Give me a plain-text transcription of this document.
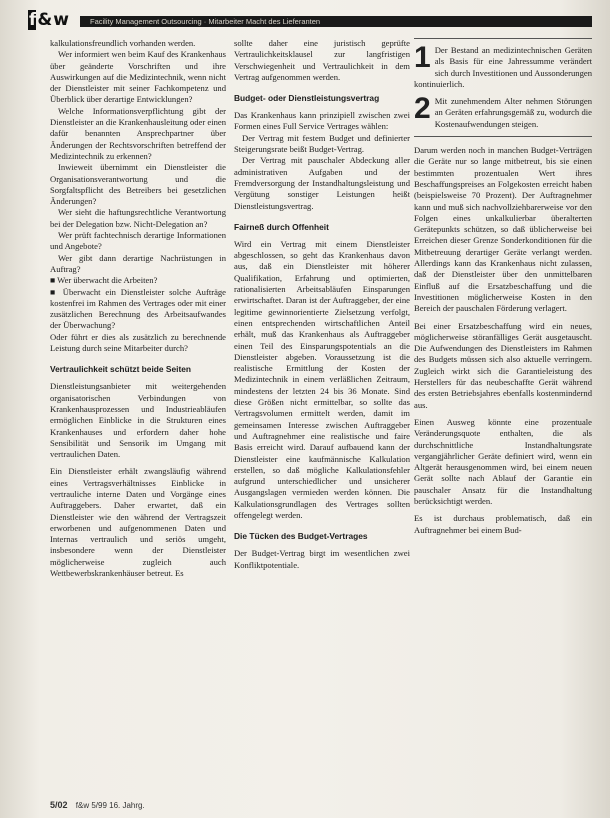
f & w	Facility Management Outsourcing · Mitarbeiter Macht des Lieferanten

kalkulationsfreundlich vorhanden werden.

Wer informiert wen beim Kauf des Krankenhaus über geänderte Vorschriften und ihre Auswirkungen auf die Medizintechnik, wenn nicht der Dienstleister mit seiner Fachkompetenz und Überblick über derartige Entwicklungen?

Welche Informationsverpflichtung gibt der Dienstleister an die Krankenhausleitung oder einen dafür benannten Ansprechpartner über Änderungen der Rechtsvorschriften betreffend der Medizintechnik zu erkennen?

Inwieweit übernimmt ein Dienstleister die Organisationsverantwortung und die Sorgfaltspflicht des Betreibers bei gesetzlichen Änderungen?

Wer sieht die haftungsrechtliche Verantwortung bei der Delegation bzw. Nicht-Delegation an?

Wer prüft fachtechnisch derartige Informationen und Angebote?

Wer gibt dann derartige Nachrüstungen in Auftrag?

■ Wer überwacht die Arbeiten?

■ Überwacht ein Dienstleister solche Aufträge kostenfrei im Rahmen des Vertrages oder mit einer zusätzlichen Berechnung des Arbeitsaufwandes der Überwachung?

Oder führt er dies als zusätzlich zu berechnende Leistung durch seine Mitarbeiter durch?

Vertraulichkeit schützt beide Seiten

Dienstleistungsanbieter mit weitergehenden organisatorischen Verbindungen von Krankenhausprozessen und Industrieabläufen ermöglichen Einblicke in die Strukturen eines Krankenhauses und erfordern daher hohe Sensibilität und Sensorik im Umgang mit vertraulichen Daten.

Ein Dienstleister erhält zwangsläufig während eines Vertragsverhältnisses Einblicke in vertrauliche interne Daten und Vorgänge eines Auftraggebers. Daher erwartet, daß ein Dienstleister wie den während der Vertragszeit erworbenen und aufgenommenen Daten und Internas vertraulich und seriös umgeht, insbesondere wenn der Dienstleister möglicherweise zugleich auch Wettbewerbskrankenhäuser betreut. Es

sollte daher eine juristisch geprüfte Vertraulichkeitsklausel zur langfristigen Verschwiegenheit und Vertraulichkeit in dem Vertrag aufgenommen werden.

Budget- oder Dienstleistungsvertrag

Das Krankenhaus kann prinzipiell zwischen zwei Formen eines Full Service Vertrages wählen:

Der Vertrag mit festem Budget und definierter Steigerungsrate beißt Budget-Vertrag.

Der Vertrag mit pauschaler Abdeckung aller administrativen Aufgaben und der Fremdversorgung der Instandhaltungsleistung und Vergütung sonstiger Leistungen heißt Dienstleistungsvertrag.

Fairneß durch Offenheit

Wird ein Vertrag mit einem Dienstleister abgeschlossen, so geht das Krankenhaus davon aus, daß ein Dienstleister mit höherer Qualifikation, Erfahrung und optimierten, rationalisierten Arbeitsabläufen Einsparungen erwirtschaftet. Daran ist der Auftraggeber, der eine legitime gewinnorientierte Zielsetzung verfolgt, einen entsprechenden wirtschaftlichen Anteil erhält, muß das Krankenhaus als Auftraggeber einen Teil des Einsparungspotentials an die Dienstleister abgeben. Voraussetzung ist die realistische Ermittlung der Kosten der Medizintechnik in einem verläßlichen Zeitraum, mindestens der letzten 24 bis 36 Monate. Sind diese Größen nicht ermittelbar, so sollte das Vertragsvolumen ermittelt werden, damit im gemeinsamen Interesse zwischen Auftraggeber und Auftragnehmer eine realistische und faire Basis erreicht wird. Darauf aufbauend kann der Dienstleister eine kaufmännische Kalkulation erstellen, so daß mögliche Kalkulationsfehler aufgrund unterschiedlicher und unsicherer Ausgangslagen vermieden werden können. Die Kalkulationsgrundlagen des Vertrages sollten offengelegt werden.

Die Tücken des Budget-Vertrages

Der Budget-Vertrag birgt im wesentlichen zwei Konfliktpotentiale.

1 Der Bestand an medizintechnischen Geräten als Basis für eine Jahressumme verändert sich durch Investitionen und Aussonderungen kontinuierlich.

2 Mit zunehmendem Alter nehmen Störungen an Geräten erfahrungsgemäß zu, wodurch die Kostenaufwendungen steigen.

Darum werden noch in manchen Budget-Verträgen die Geräte nur so lange mitbetreut, bis sie einen bestimmten prozentualen Wert ihres Beschaffungspreises an Folgekosten erreicht haben (beispielsweise 70 Prozent). Der Auftragnehmer kann und muß sich nachvollziehbarerweise vor den Folgen eines unkalkulierbar überalterten Gerätepunkts schützen, so daß üblicherweise bei Erreichen dieser Grenze Sonderkonditionen für die Mitbetreuung derartiger Geräte verlangt werden. Allerdings kann das Krankenhaus nicht zulassen, daß der Dienstleister über den unmittelbaren Einfluß auf die Ersatzbeschaffung und die Investitionen möglicherweise Kosten in den Bereich der pauschalen Förderung verlagert.

Bei einer Ersatzbeschaffung wird ein neues, möglicherweise störanfälliges Gerät ausgetauscht. Die Aufwendungen des Dienstleisters im Rahmen des Budgets müssen sich also aktuelle verringern. Zugleich wirkt sich die Garantieleistung des Herstellers für das neubeschaffte Gerät während des ersten Betriebsjahres ebenfalls kostenmindernd aus.

Einen Ausweg könnte eine prozentuale Veränderungsquote enthalten, die als durchschnittliche Instandhaltungsrate vergangjährlicher Geräte definiert wird, wenn ein Altgerät herausgenommen wird, bei einem neuen Gerät sollte nach Ablauf der Garantie ein pauschaler Ansatz für die Instandhaltung berücksichtigt werden.

Es ist durchaus problematisch, daß ein Auftragnehmer bei einem Bud-

5/02 f&w 5/99 16. Jahrg.
